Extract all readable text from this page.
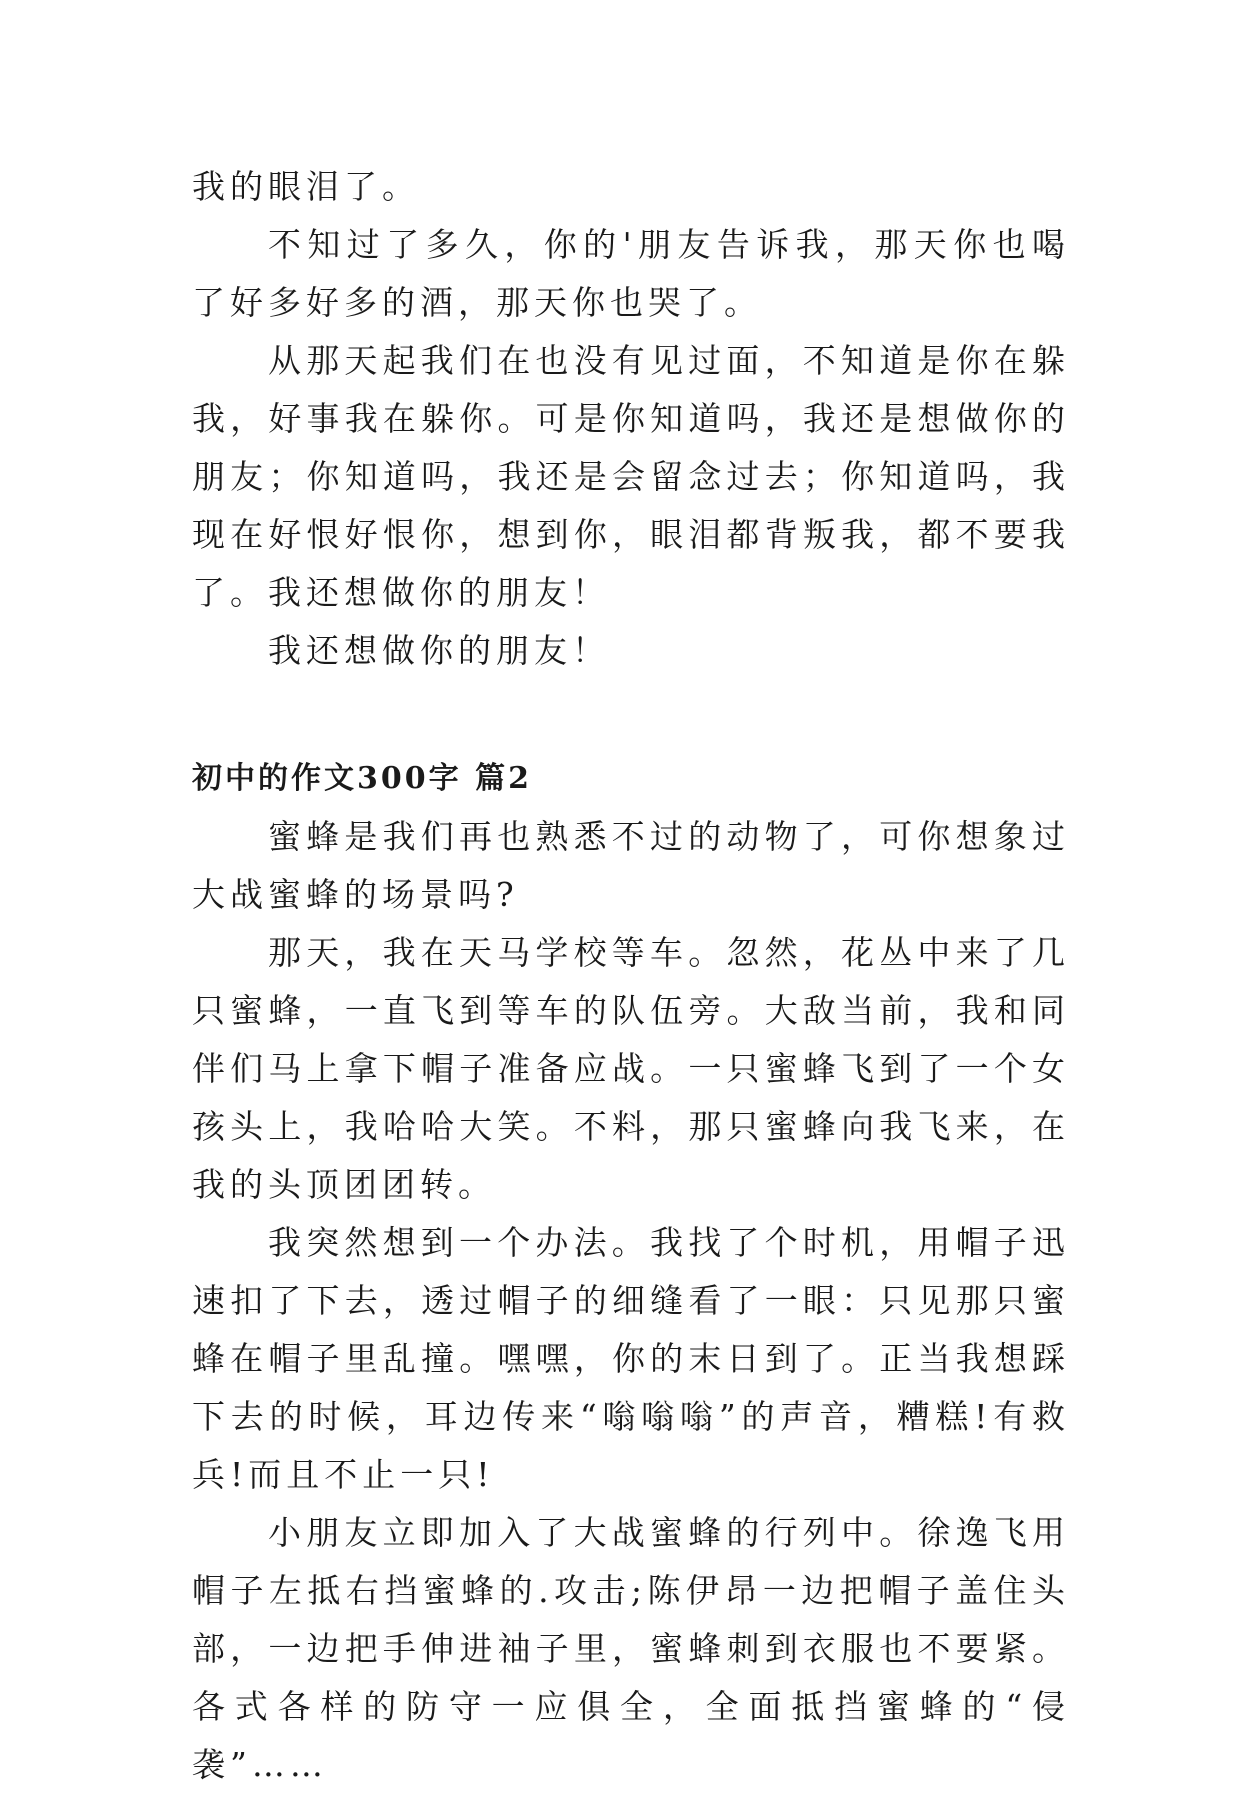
我的眼泪了。

不知过了多久，你的'朋友告诉我，那天你也喝了好多好多的酒，那天你也哭了。

从那天起我们在也没有见过面，不知道是你在躲我，好事我在躲你。可是你知道吗，我还是想做你的朋友；你知道吗，我还是会留念过去；你知道吗，我现在好恨好恨你，想到你，眼泪都背叛我，都不要我了。我还想做你的朋友！

我还想做你的朋友！

初中的作文300字 篇2

蜜蜂是我们再也熟悉不过的动物了，可你想象过大战蜜蜂的场景吗?

那天，我在天马学校等车。忽然，花丛中来了几只蜜蜂，一直飞到等车的队伍旁。大敌当前，我和同伴们马上拿下帽子准备应战。一只蜜蜂飞到了一个女孩头上，我哈哈大笑。不料，那只蜜蜂向我飞来，在我的头顶团团转。

我突然想到一个办法。我找了个时机，用帽子迅速扣了下去，透过帽子的细缝看了一眼：只见那只蜜蜂在帽子里乱撞。嘿嘿，你的末日到了。正当我想踩下去的时候，耳边传来“嗡嗡嗡”的声音，糟糕!有救兵!而且不止一只!

小朋友立即加入了大战蜜蜂的行列中。徐逸飞用帽子左抵右挡蜜蜂的.攻击;陈伊昂一边把帽子盖住头部，一边把手伸进袖子里，蜜蜂刺到衣服也不要紧。各式各样的防守一应俱全，全面抵挡蜜蜂的“侵袭”……
